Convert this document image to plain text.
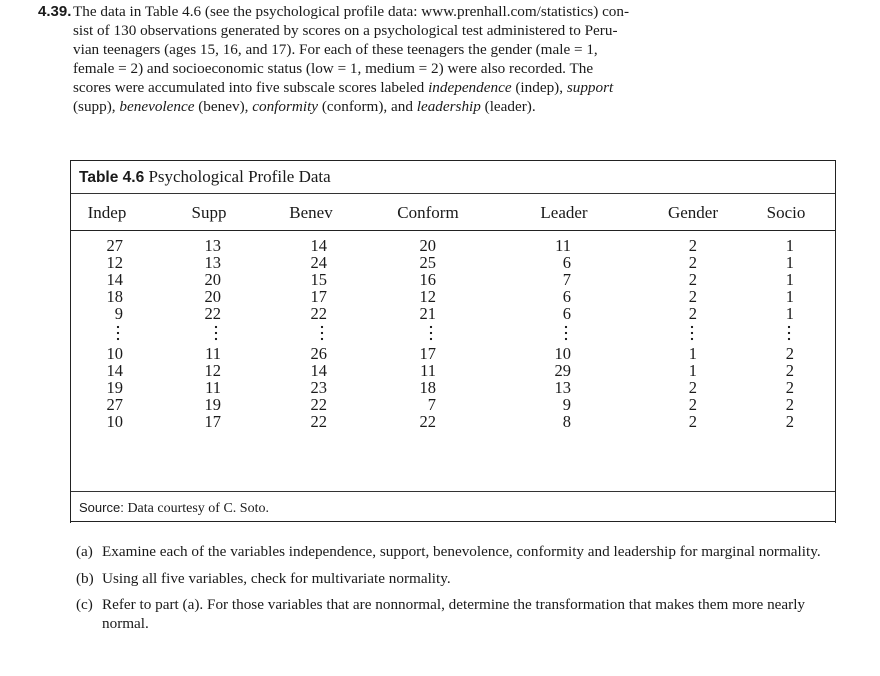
4.39. The data in Table 4.6 (see the psychological profile data: www.prenhall.com/statistics) con-
sist of 130 observations generated by scores on a psychological test administered to Peru-
vian teenagers (ages 15, 16, and 17). For each of these teenagers the gender (male = 1,
female = 2) and socioeconomic status (low = 1, medium = 2) were also recorded. The
scores were accumulated into five subscale scores labeled independence (indep), support
(supp), benevolence (benev), conformity (conform), and leadership (leader).
Table 4.6 Psychological Profile Data
Source: Data courtesy of C. Soto.
Indep	Supp	Benev	Conform	Leader	Gender	Socio
27	13	14	20	11	2	1
12	13	24	25	6	2	1
14	20	15	16	7	2	1
18	20	17	12	6	2	1
9	22	22	21	6	2	1
10	11	26	17	10	1	2
14	12	14	11	29	1	2
19	11	23	18	13	2	2
27	19	22	7	9	2	2
10	17	22	22	8	2	2
(a) Examine each of the variables independence, support, benevolence, conformity and leadership for marginal normality.
(b) Using all five variables, check for multivariate normality.
(c) Refer to part (a). For those variables that are nonnormal, determine the transformation that makes them more nearly normal.
